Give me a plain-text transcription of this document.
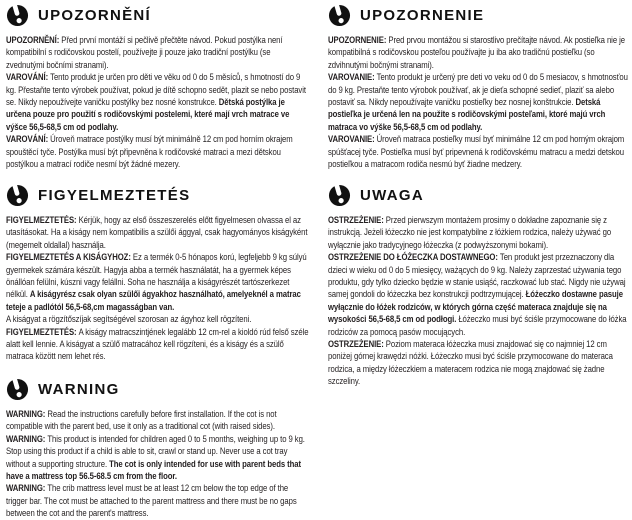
UPOZORNĚNÍ

UPOZORNĚNÍ: Před první montáží si pečlivě přečtěte návod. Pokud postýlka není kompatibilní s rodičovskou postelí, používejte ji pouze jako tradiční postýlku (se zvednutými bočními stranami).

VAROVÁNÍ: Tento produkt je určen pro děti ve věku od 0 do 5 měsíců, s hmotností do 9 kg. Přestaňte tento výrobek používat, pokud je dítě schopno sedět, plazit se nebo postavit se. Nikdy nepoužívejte vaničku postýlky bez nosné konstrukce. Dětská postýlka je určena pouze pro použití s rodičovskými postelemi, které mají vrch matrace ve výšce 56,5-68,5 cm od podlahy.

VAROVÁNÍ: Úroveň matrace postýlky musí být minimálně 12 cm pod horním okrajem spouštěcí tyče. Postýlka musí být připevněna k rodičovské matraci a mezi dětskou postýlkou a matrací rodiče nesmí být žádné mezery.

UPOZORNENIE

UPOZORNENIE: Pred prvou montážou si starostlivo prečítajte návod. Ak postieľka nie je kompatibilná s rodičovskou posteľou používajte ju iba ako tradičnú postieľku (so zdvihnutými bočnými stranami).

VAROVANIE: Tento produkt je určený pre deti vo veku od 0 do 5 mesiacov, s hmotnosťou do 9 kg. Prestaňte tento výrobok používať, ak je dieťa schopné sedieť, plaziť sa alebo postaviť sa. Nikdy nepoužívajte vaničku postieľky bez nosnej konštrukcie. Detská postieľka je určená len na použite s rodičovskými posteľami, ktoré majú vrch matraca vo výške 56,5-68,5 cm od podlahy.

VAROVANIE: Úroveň matraca postieľky musí byť minimálne 12 cm pod horným okrajom spúšťacej tyče. Postieľka musí byť pripevnená k rodičovskému matracu a medzi detskou postieľkou a matracom rodiča nesmú byť žiadne medzery.

FIGYELMEZTETÉS

FIGYELMEZTETÉS: Kérjük, hogy az első összeszerelés előtt figyelmesen olvassa el az utasításokat. Ha a kiságy nem kompatibilis a szülői ággyal, csak hagyományos kiságyként (megemelt oldallal) használja.

FIGYELMEZTETÉS A KISÁGYHOZ: Ez a termék 0-5 hónapos korú, legfeljebb 9 kg súlyú gyermekek számára készült. Hagyja abba a termék használatát, ha a gyermek képes önállóan felülni, kúszni vagy felállni. Soha ne használja a kiságyrészét tartószerkezet nélkül. A kiságyrész csak olyan szülői ágyakhoz használható, amelyeknél a matrac teteje a padlótól 56,5-68,cm magasságban van.

A kiságyat a rögzítőszíjak segítségével szorosan az ágyhoz kell rögzíteni.

FIGYELMEZTETÉS: A kiságy matracszintjének legalább 12 cm-rel a kioldó rúd felső széle alatt kell lennie. A kiságyat a szülő matracához kell rögzíteni, és a kiságy és a szülő matraca között nem lehet rés.

UWAGA

OSTRZEŻENIE: Przed pierwszym montażem prosimy o dokładne zapoznanie się z instrukcją. Jeżeli łóżeczko nie jest kompatybilne z łóżkiem rodzica, należy używać go wyłącznie jako tradycyjnego łóżeczka (z podwyższonymi bokami).

OSTRZEŻENIE DO ŁÓŻECZKA DOSTAWNEGO: Ten produkt jest przeznaczony dla dzieci w wieku od 0 do 5 miesięcy, ważących do 9 kg. Należy zaprzestać używania tego produktu, gdy tylko dziecko będzie w stanie usiąść, raczkować lub stać. Nigdy nie używaj samej gondoli do łóżeczka bez konstrukcji podtrzymującej. Łóżeczko dostawne pasuje wyłącznie do łóżek rodziców, w których górna część materaca znajduje się na wysokości 56,5-68,5 cm od podłogi. Łóżeczko musi być ściśle przymocowane do łóżka rodziców za pomocą pasów mocujących.

OSTRZEŻENIE: Poziom materaca łóżeczka musi znajdować się co najmniej 12 cm poniżej górnej krawędzi nóżki. Łóżeczko musi być ściśle przymocowane do materaca rodzica, a między łóżeczkiem a materacem rodzica nie mogą znajdować się żadne szczeliny.

WARNING

WARNING: Read the instructions carefully before first installation. If the cot is not compatible with the parent bed, use it only as a traditional cot (with raised sides).

WARNING: This product is intended for children aged 0 to 5 months, weighing up to 9 kg. Stop using this product if a child is able to sit, crawl or stand up. Never use a cot tray without a supporting structure. The cot is only intended for use with parent beds that have a mattress top 56.5-68.5 cm from the floor.

WARNING: The crib mattress level must be at least 12 cm below the top edge of the trigger bar. The cot must be attached to the parent mattress and there must be no gaps between the cot and the parent's mattress.
